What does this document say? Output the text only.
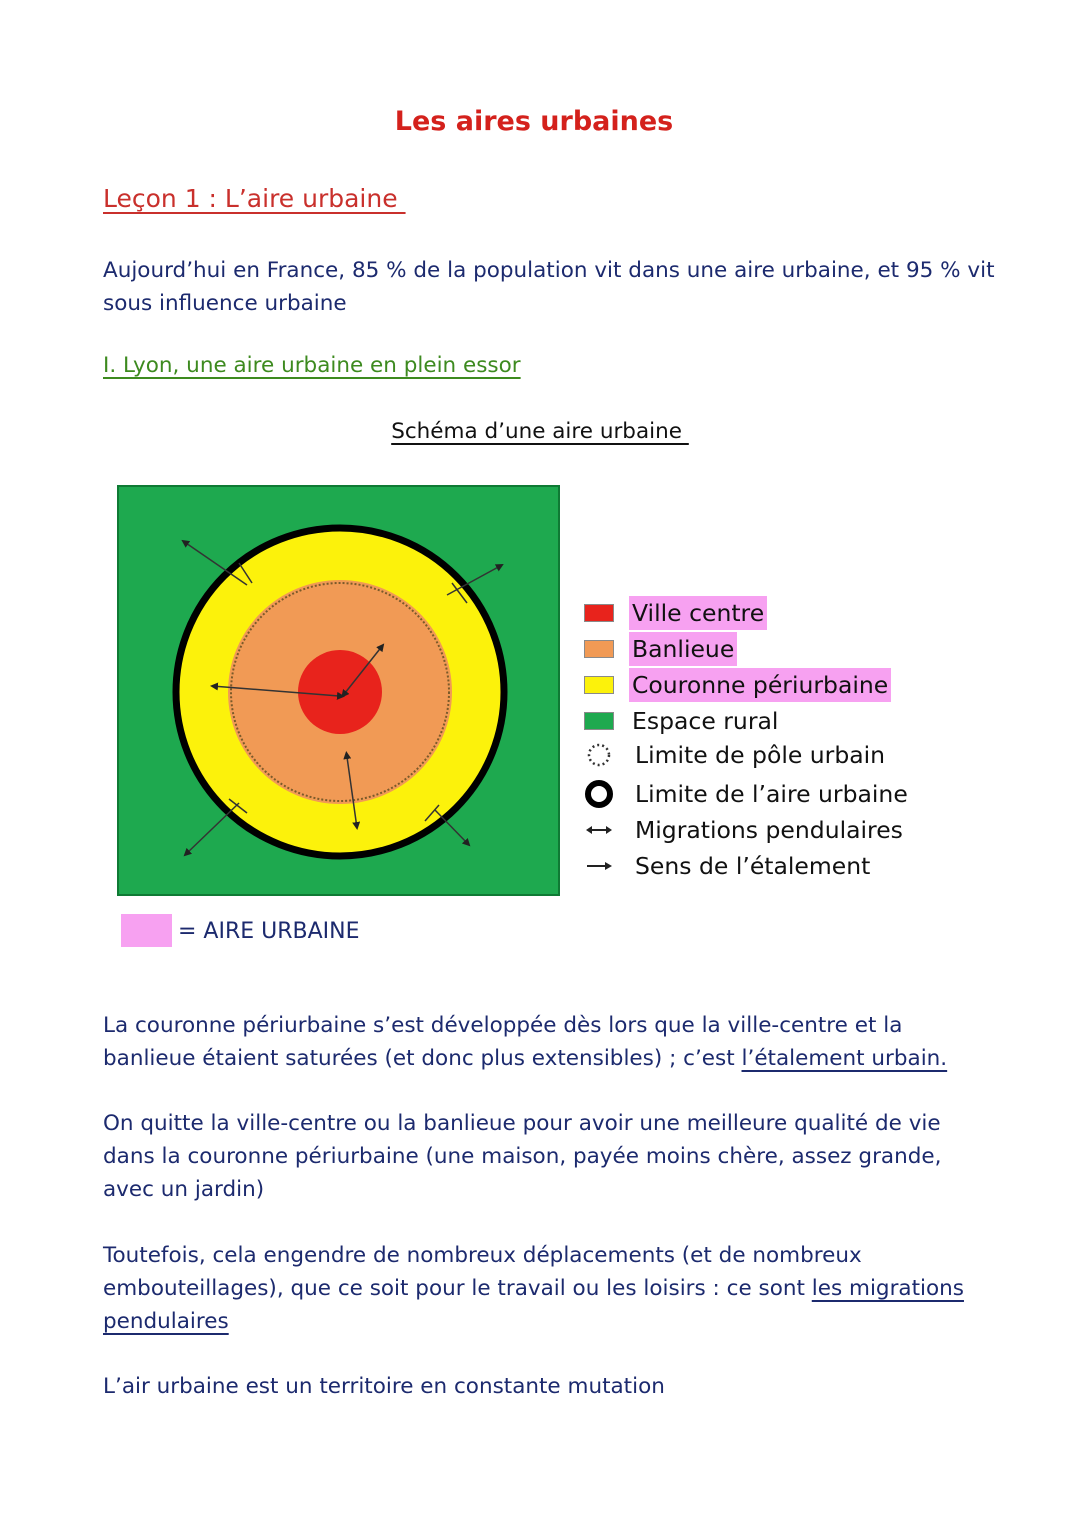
Les aires urbaines
Leçon 1 : L’aire urbaine
Aujourd’hui en France, 85 % de la population vit dans une aire urbaine, et 95 % vit sous influence urbaine
I. Lyon, une aire urbaine en plein essor
Schéma d’une aire urbaine
Ville centre
Banlieue
Couronne périurbaine
Espace rural
Limite de pôle urbain
Limite de l’aire urbaine
Migrations pendulaires
Sens de l’étalement
= AIRE URBAINE
La couronne périurbaine s’est développée dès lors que la ville-centre et la banlieue étaient saturées (et donc plus extensibles) ; c’est l’étalement urbain.
On quitte la ville-centre ou la banlieue pour avoir une meilleure qualité de vie dans la couronne périurbaine (une maison, payée moins chère, assez grande, avec un jardin)
Toutefois, cela engendre de nombreux déplacements (et de nombreux embouteillages), que ce soit pour le travail ou les loisirs : ce sont les migrations pendulaires
L’air urbaine est un territoire en constante mutation
